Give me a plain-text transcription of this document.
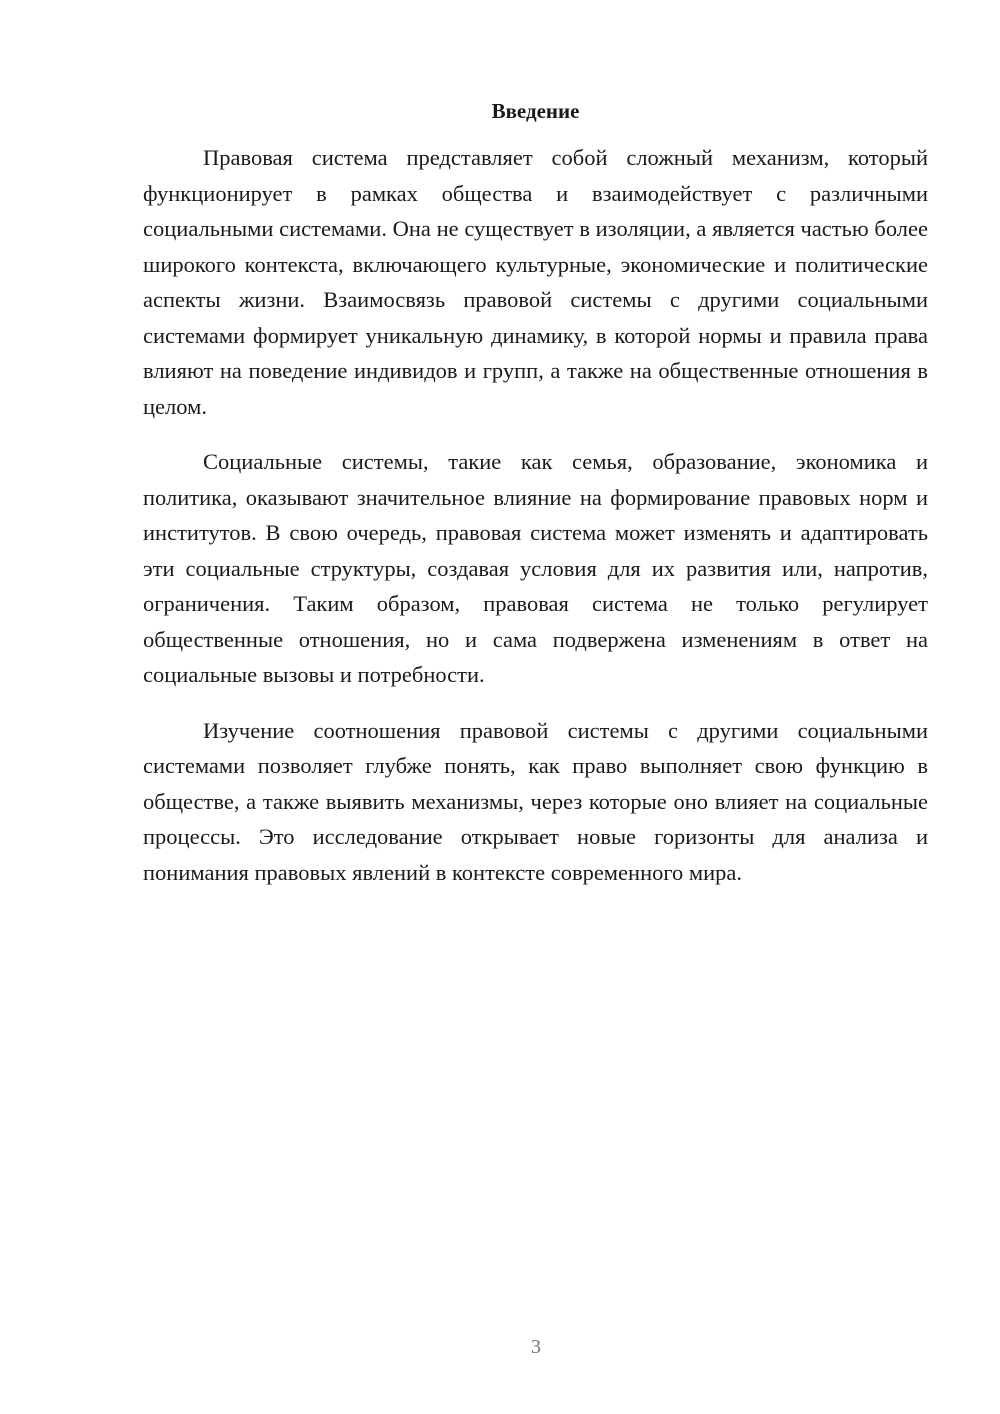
Введение

Правовая система представляет собой сложный механизм, который функционирует в рамках общества и взаимодействует с различными социальными системами. Она не существует в изоляции, а является частью более широкого контекста, включающего культурные, экономические и политические аспекты жизни. Взаимосвязь правовой системы с другими социальными системами формирует уникальную динамику, в которой нормы и правила права влияют на поведение индивидов и групп, а также на общественные отношения в целом.

Социальные системы, такие как семья, образование, экономика и политика, оказывают значительное влияние на формирование правовых норм и институтов. В свою очередь, правовая система может изменять и адаптировать эти социальные структуры, создавая условия для их развития или, напротив, ограничения. Таким образом, правовая система не только регулирует общественные отношения, но и сама подвержена изменениям в ответ на социальные вызовы и потребности.

Изучение соотношения правовой системы с другими социальными системами позволяет глубже понять, как право выполняет свою функцию в обществе, а также выявить механизмы, через которые оно влияет на социальные процессы. Это исследование открывает новые горизонты для анализа и понимания правовых явлений в контексте современного мира.

3
